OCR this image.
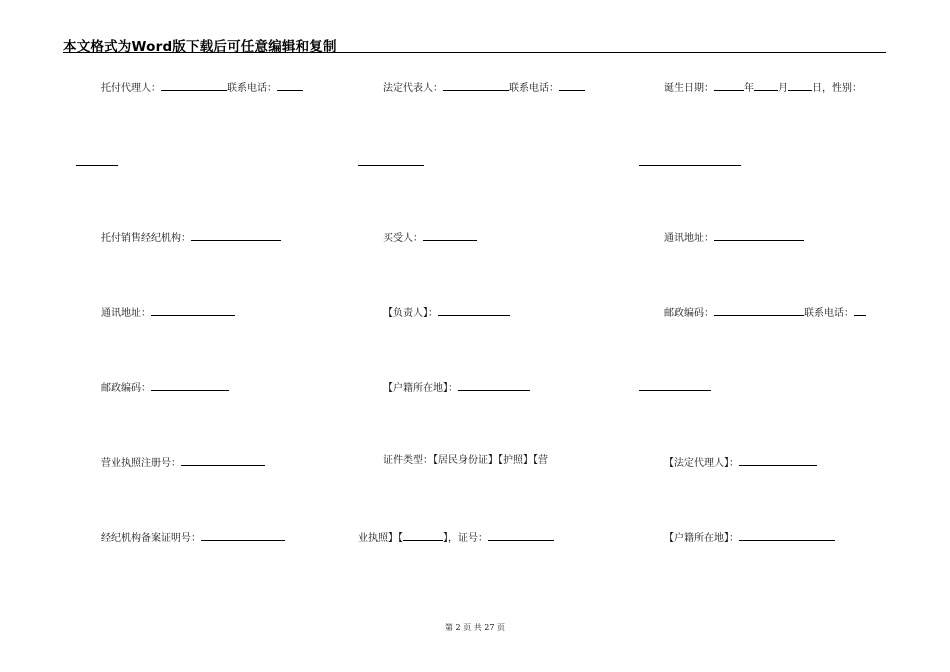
本文格式为Word版下载后可任意编辑和复制
托付代理人：	联系电话：
托付销售经纪机构：
通讯地址：
邮政编码：
营业执照注册号：
经纪机构备案证明号：
法定代表人：	联系电话：
买受人：
【负责人】：
【户籍所在地】：
证件类型：【居民身份证】【护照】【营
业执照】【	】，证号：
诞生日期：	年 月 日，性别：
通讯地址：
邮政编码：	联系电话：
【法定代理人】：
【户籍所在地】：
第 2 页 共 27 页
